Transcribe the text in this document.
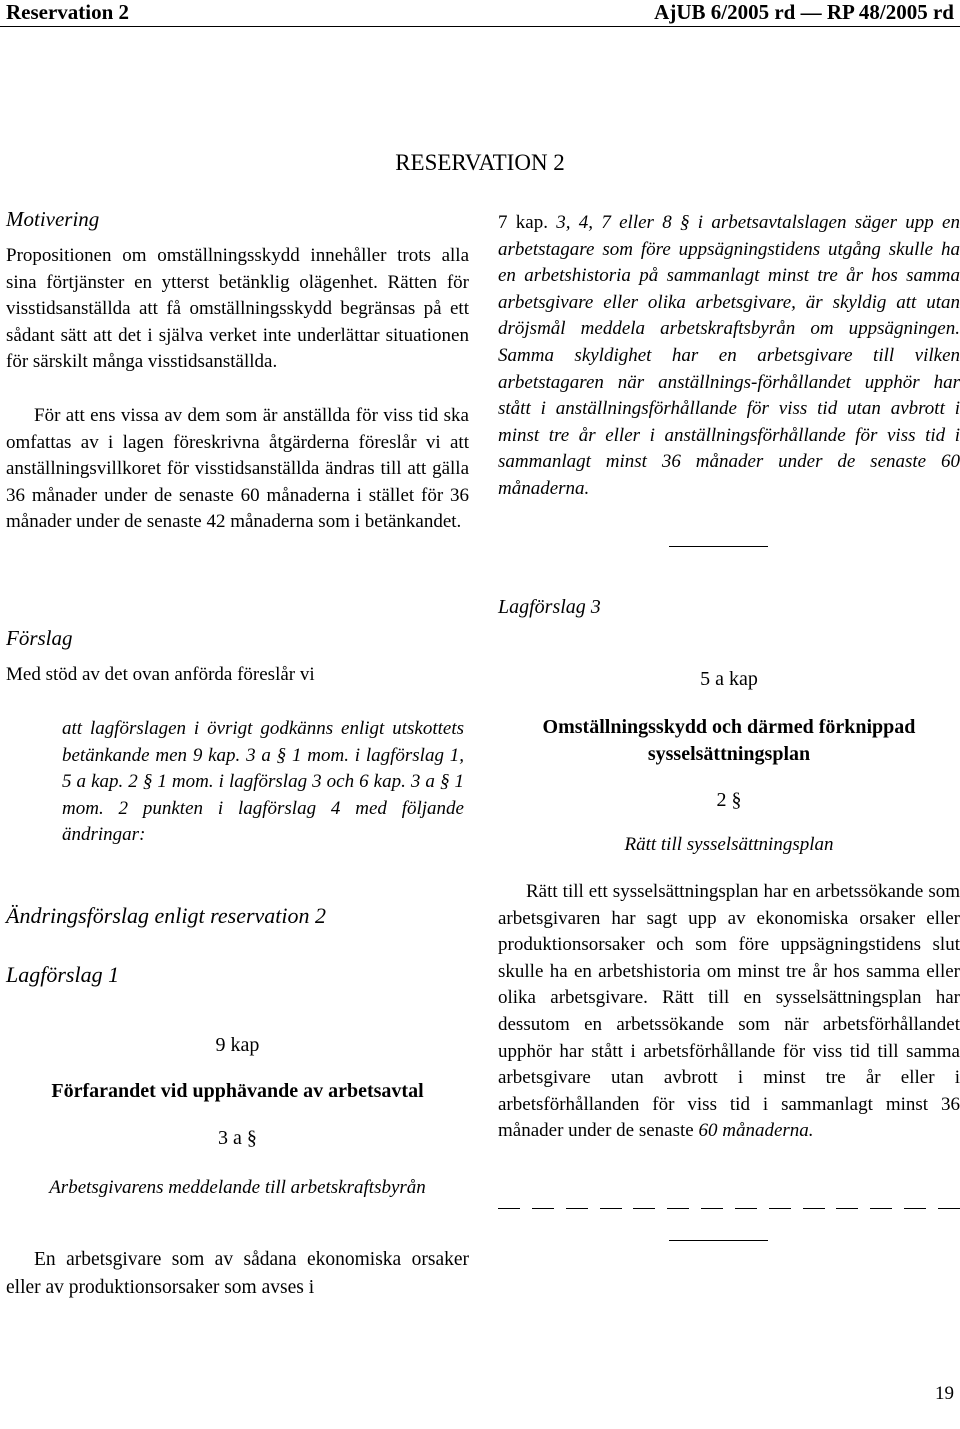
Reservation 2	AjUB 6/2005 rd — RP 48/2005 rd
RESERVATION 2
Motivering

Propositionen om omställningsskydd innehåller trots alla sina förtjänster en ytterst betänklig olägenhet. Rätten för visstidsanställda att få omställningsskydd begränsas på ett sådant sätt att det i själva verket inte underlättar situationen för särskilt många visstidsanställda.

För att ens vissa av dem som är anställda för viss tid ska omfattas av i lagen föreskrivna åtgärderna föreslår vi att anställningsvillkoret för visstidsanställda ändras till att gälla 36 månader under de senaste 60 månaderna i stället för 36 månader under de senaste 42 månaderna som i betänkandet.

Förslag

Med stöd av det ovan anförda föreslår vi

att lagförslagen i övrigt godkänns enligt utskottets betänkande men 9 kap. 3 a § 1 mom. i lagförslag 1, 5 a kap. 2 § 1 mom. i lagförslag 3 och 6 kap. 3 a § 1 mom. 2 punkten i lagförslag 4 med följande ändringar:

Ändringsförslag enligt reservation 2
Lagförslag 1
9 kap
Förfarandet vid upphävande av arbetsavtal
3 a §
Arbetsgivarens meddelande till arbetskraftsbyrån

En arbetsgivare som av sådana ekonomiska orsaker eller av produktionsorsaker som avses i

7 kap. 3, 4, 7 eller 8 § i arbetsavtalslagen säger upp en arbetstagare som före uppsägningstidens utgång skulle ha en arbetshistoria på sammanlagt minst tre år hos samma arbetsgivare eller olika arbetsgivare, är skyldig att utan dröjsmål meddela arbetskraftsbyrån om uppsägningen. Samma skyldighet har en arbetsgivare till vilken arbetstagaren när anställnings-förhållandet upphör har stått i anställningsförhållande för viss tid utan avbrott i minst tre år eller i anställningsförhållande för viss tid i sammanlagt minst 36 månader under de senaste 60 månaderna.

Lagförslag 3
5 a kap
Omställningsskydd och därmed förknippad sysselsättningsplan
2 §
Rätt till sysselsättningsplan

Rätt till ett sysselsättningsplan har en arbetssökande som arbetsgivaren har sagt upp av ekonomiska orsaker eller produktionsorsaker och som före uppsägningstidens slut skulle ha en arbetshistoria om minst tre år hos samma eller olika arbetsgivare. Rätt till en sysselsättningsplan har dessutom en arbetssökande som när arbetsförhållandet upphör har stått i arbetsförhållande för viss tid till samma arbetsgivare utan avbrott i minst tre år eller i arbetsförhållanden för viss tid i sammanlagt minst 36 månader under de senaste 60 månaderna.

19
